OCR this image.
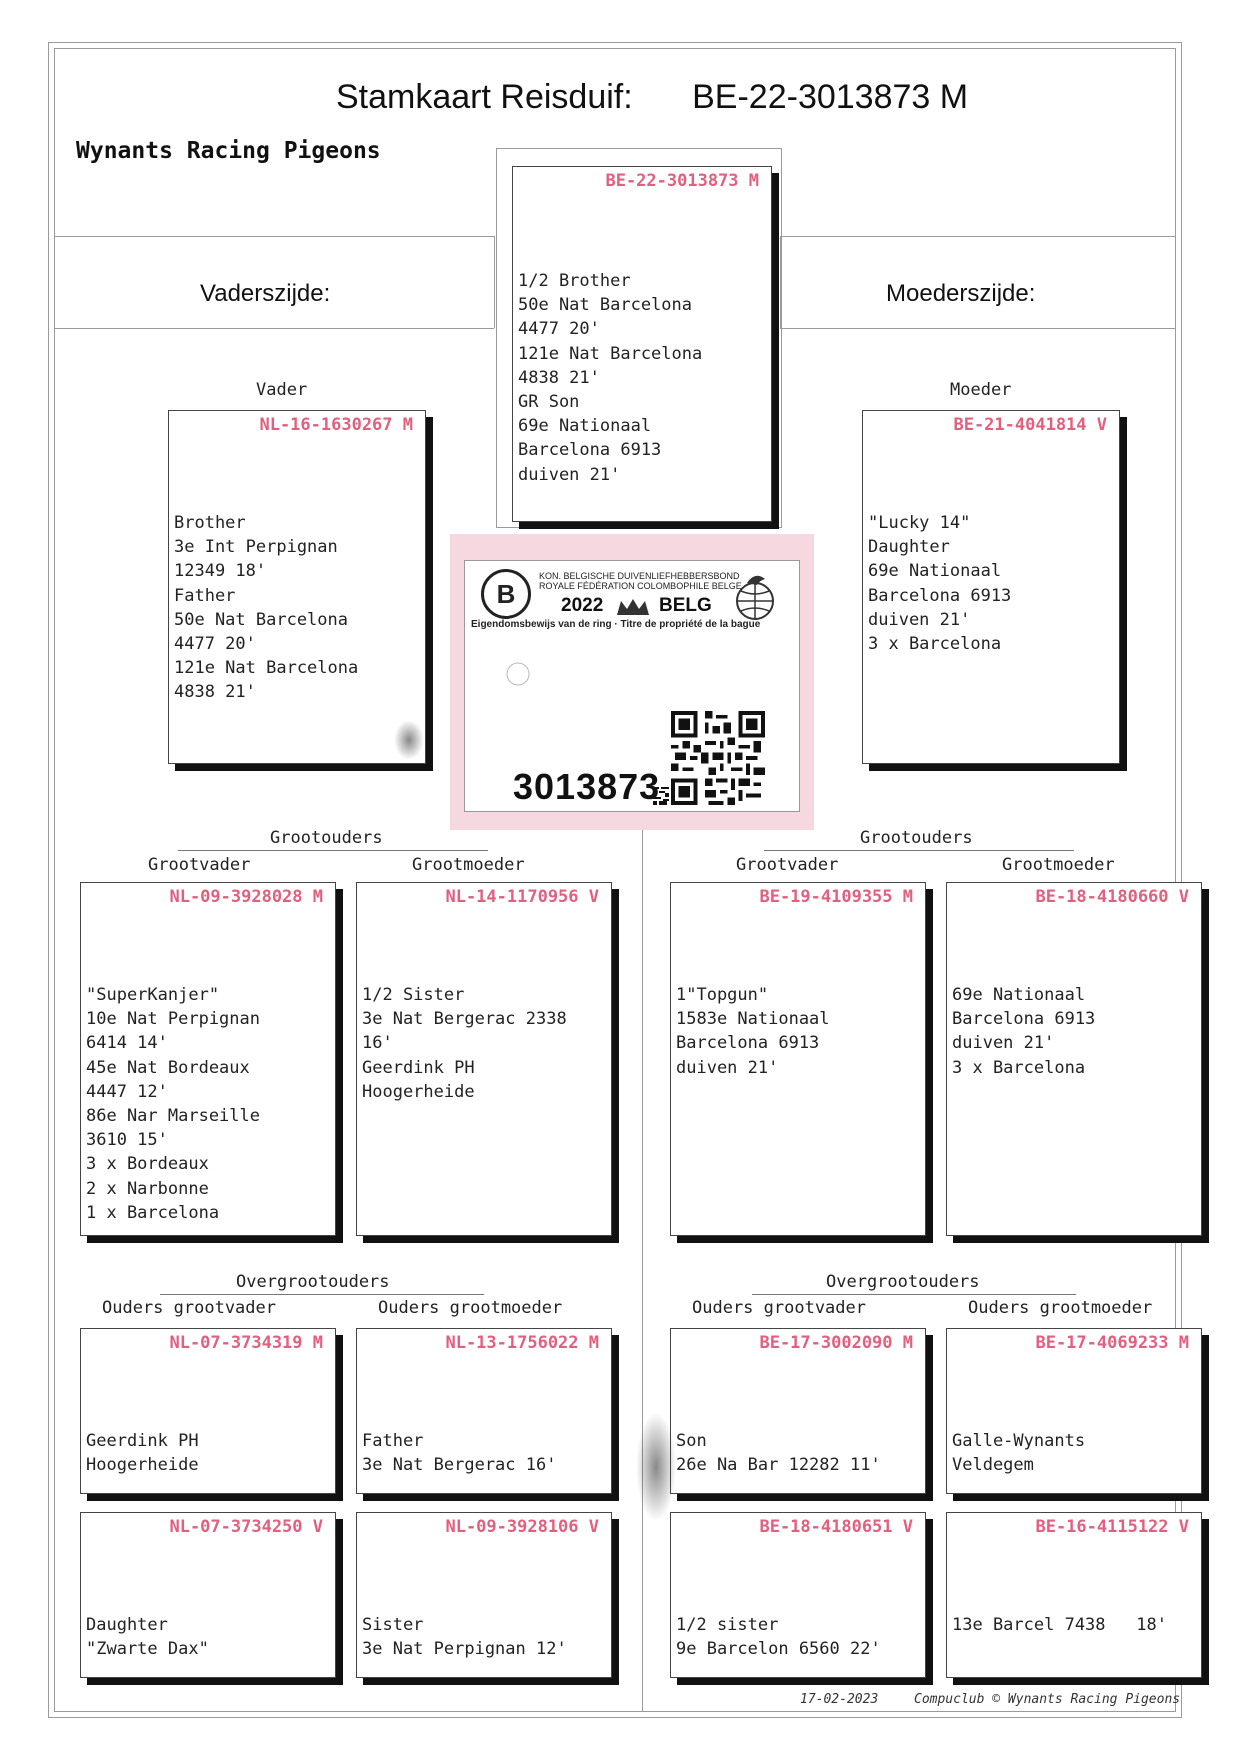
Stamkaart Reisduif: BE-22-3013873 M
Wynants Racing Pigeons
Vaderszijde:	Moederszijde:
BE-22-3013873 M
1/2 Brother
50e Nat Barcelona
4477 20'
121e Nat Barcelona
4838 21'
GR Son
69e Nationaal
Barcelona 6913
duiven 21'
Vader
NL-16-1630267 M
Brother
3e Int Perpignan
12349 18'
Father
50e Nat Barcelona
4477 20'
121e Nat Barcelona
4838 21'
Moeder
BE-21-4041814 V
"Lucky 14"
Daughter
69e Nationaal
Barcelona 6913
duiven 21'
3 x Barcelona
B
KON. BELGISCHE DUIVENLIEFHEBBERSBOND
ROYALE FÉDÉRATION COLOMBOPHILE BELGE
2022	BELG
Eigendomsbewijs van de ring · Titre de propriété de la bague
3013873
Grootouders	Grootouders
Grootvader	Grootmoeder	Grootvader	Grootmoeder
NL-09-3928028 M
"SuperKanjer"
10e Nat Perpignan
6414 14'
45e Nat Bordeaux
4447 12'
86e Nar Marseille
3610 15'
3 x Bordeaux
2 x Narbonne
1 x Barcelona
NL-14-1170956 V
1/2 Sister
3e Nat Bergerac 2338
16'
Geerdink PH
Hoogerheide
BE-19-4109355 M
1"Topgun"
1583e Nationaal
Barcelona 6913
duiven 21'
BE-18-4180660 V
69e Nationaal
Barcelona 6913
duiven 21'
3 x Barcelona
Overgrootouders	Overgrootouders
Ouders grootvader	Ouders grootmoeder	Ouders grootvader	Ouders grootmoeder
NL-07-3734319 M
Geerdink PH
Hoogerheide
NL-13-1756022 M
Father
3e Nat Bergerac 16'
BE-17-3002090 M
Son
26e Na Bar 12282 11'
BE-17-4069233 M
Galle-Wynants
Veldegem
NL-07-3734250 V
Daughter
"Zwarte Dax"
NL-09-3928106 V
Sister
3e Nat Perpignan 12'
BE-18-4180651 V
1/2 sister
9e Barcelon 6560 22'
BE-16-4115122 V
13e Barcel 7438   18'
17-02-2023	Compuclub © Wynants Racing Pigeons
